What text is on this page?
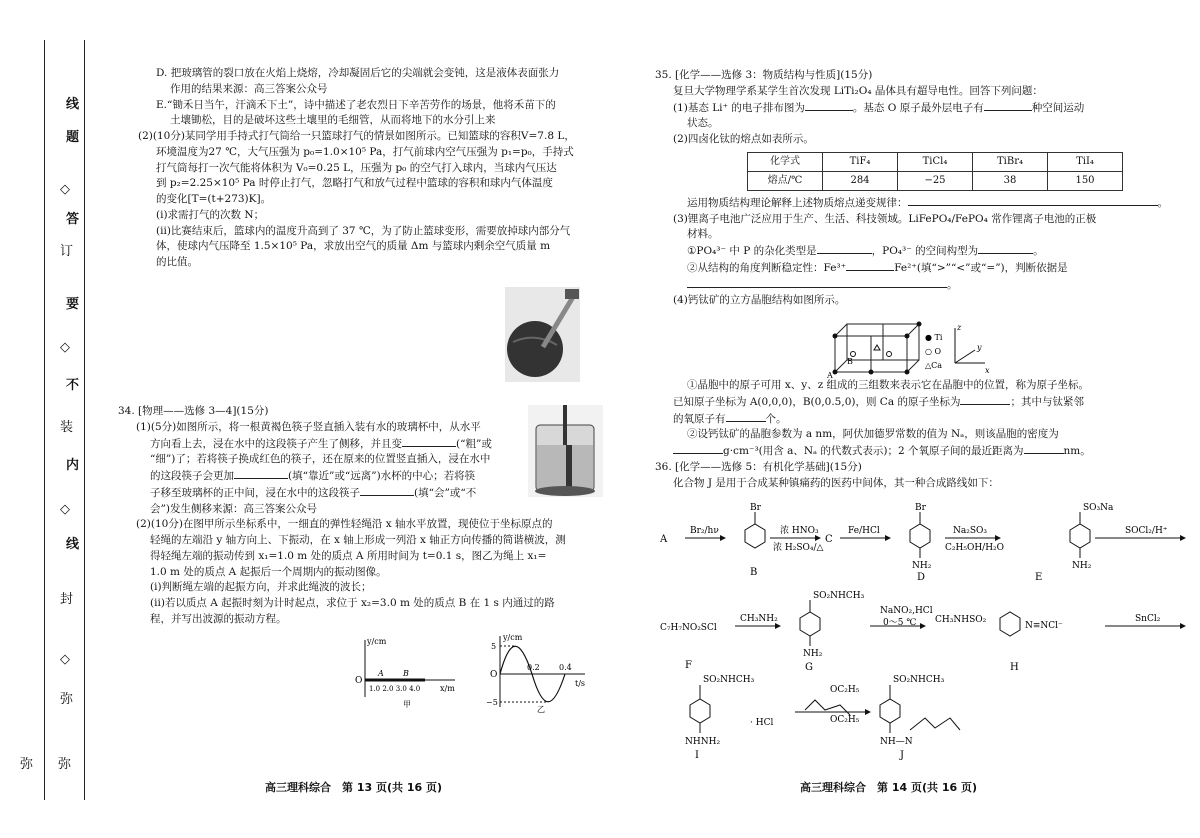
线
题
◇
答
订
要
◇
不
装
内
◇
线
封
◇
弥
弥
弥

D. 把玻璃管的裂口放在火焰上烧熔，冷却凝固后它的尖端就会变钝，这是液体表面张力

作用的结果来源：高三答案公众号

E.“锄禾日当午，汗滴禾下土”，诗中描述了老农烈日下辛苦劳作的场景，他将禾苗下的

土壤锄松，目的是破坏这些土壤里的毛细管，从而将地下的水分引上来

(2)(10分)某同学用手持式打气筒给一只篮球打气的情景如图所示。已知篮球的容积V=7.8 L，

环境温度为27 ℃，大气压强为 p₀=1.0×10⁵ Pa，打气前球内空气压强为 p₁=p₀，手持式

打气筒每打一次气能将体积为 V₀=0.25 L，压强为 p₀ 的空气打入球内，当球内气压达

到 p₂=2.25×10⁵ Pa 时停止打气，忽略打气和放气过程中篮球的容积和球内气体温度

的变化[T=(t+273)K]。

(i)求需打气的次数 N；

(ii)比赛结束后，篮球内的温度升高到了 37 ℃，为了防止篮球变形，需要放掉球内部分气

体，使球内气压降至 1.5×10⁵ Pa，求放出空气的质量 Δm 与篮球内剩余空气质量 m

的比值。

34. [物理——选修 3—4](15分)

(1)(5分)如图所示，将一根黄褐色筷子竖直插入装有水的玻璃杯中，从水平

方向看上去，浸在水中的这段筷子产生了侧移，并且变	(“粗”或

“细”)了；若将筷子换成红色的筷子，还在原来的位置竖直插入，浸在水中

的这段筷子会更加	(填“靠近”或“远离”)水杯的中心；若将筷

子移至玻璃杯的正中间，浸在水中的这段筷子	(填“会”或“不

会”)发生侧移来源：高三答案公众号

(2)(10分)在图甲所示坐标系中，一细直的弹性轻绳沿 x 轴水平放置，现使位于坐标原点的

轻绳的左端沿 y 轴方向上、下振动，在 x 轴上形成一列沿 x 轴正方向传播的简谐横波，测

得轻绳左端的振动传到 x₁=1.0 m 处的质点 A 所用时间为 t=0.1 s，图乙为绳上 x₁=

1.0 m 处的质点 A 起振后一个周期内的振动图像。

(i)判断绳左端的起振方向，并求此绳波的波长；

(ii)若以质点 A 起振时刻为计时起点，求位于 x₂=3.0 m 处的质点 B 在 1 s 内通过的路

程，并写出波源的振动方程。

y/cm
x/m
O
A B
1.0 2.0 3.0 4.0
甲
y/cm
t/s
O
5
−5
0.2 0.4
乙
高三理科综合　第 13 页(共 16 页)

35. [化学——选修 3：物质结构与性质](15分)

复旦大学物理学系某学生首次发现 LiTi₂O₄ 晶体具有超导电性。回答下列问题：

(1)基态 Li⁺ 的电子排布图为	。基态 O 原子最外层电子有	种空间运动

状态。

(2)四卤化钛的熔点如表所示。

化学式	TiF₄	TiCl₄	TiBr₄	TiI₄
熔点/℃	284	−25	38	150

运用物质结构理论解释上述物质熔点递变规律：	。

(3)锂离子电池广泛应用于生产、生活、科技领域。LiFePO₄/FePO₄ 常作锂离子电池的正极

材料。

①PO₄³⁻ 中 P 的杂化类型是	，PO₄³⁻ 的空间构型为	。

②从结构的角度判断稳定性：Fe³⁺	Fe²⁺(填“>”“<”或“=”)，判断依据是

。

(4)钙钛矿的立方晶胞结构如图所示。

A
B
● Ti
○ O
△Ca
z
y
x

①晶胞中的原子可用 x、y、z 组成的三组数来表示它在晶胞中的位置，称为原子坐标。

已知原子坐标为 A(0,0,0)，B(0,0.5,0)，则 Ca 的原子坐标为	；其中与钛紧邻

的氧原子有	个。

②设钙钛矿的晶胞参数为 a nm，阿伏加德罗常数的值为 Nₐ，则该晶胞的密度为

g·cm⁻³(用含 a、Nₐ 的代数式表示)；2 个氧原子间的最近距离为	nm。

36. [化学——选修 5：有机化学基础](15分)

化合物 J 是用于合成某种镇痛药的医药中间体，其一种合成路线如下：

A
Br₂/hν
Br
B
浓 HNO₃
浓 H₂SO₄/△
C
Fe/HCl
Br
NH₂
D
Na₂SO₃
C₂H₅OH/H₂O
SO₃Na
NH₂
E
SOCl₂/H⁺
C₇H₇NO₂SCl
F
CH₃NH₂
SO₂NHCH₃
NH₂
G
NaNO₂,HCl
0～5 ℃ CH₃NHSO₂
N≡NCl⁻
H
SnCl₂
SO₂NHCH₃
NHNH₂
I
· HCl
OC₂H₅
OC₂H₅
SO₂NHCH₃
NH—N
J
高三理科综合　第 14 页(共 16 页)
